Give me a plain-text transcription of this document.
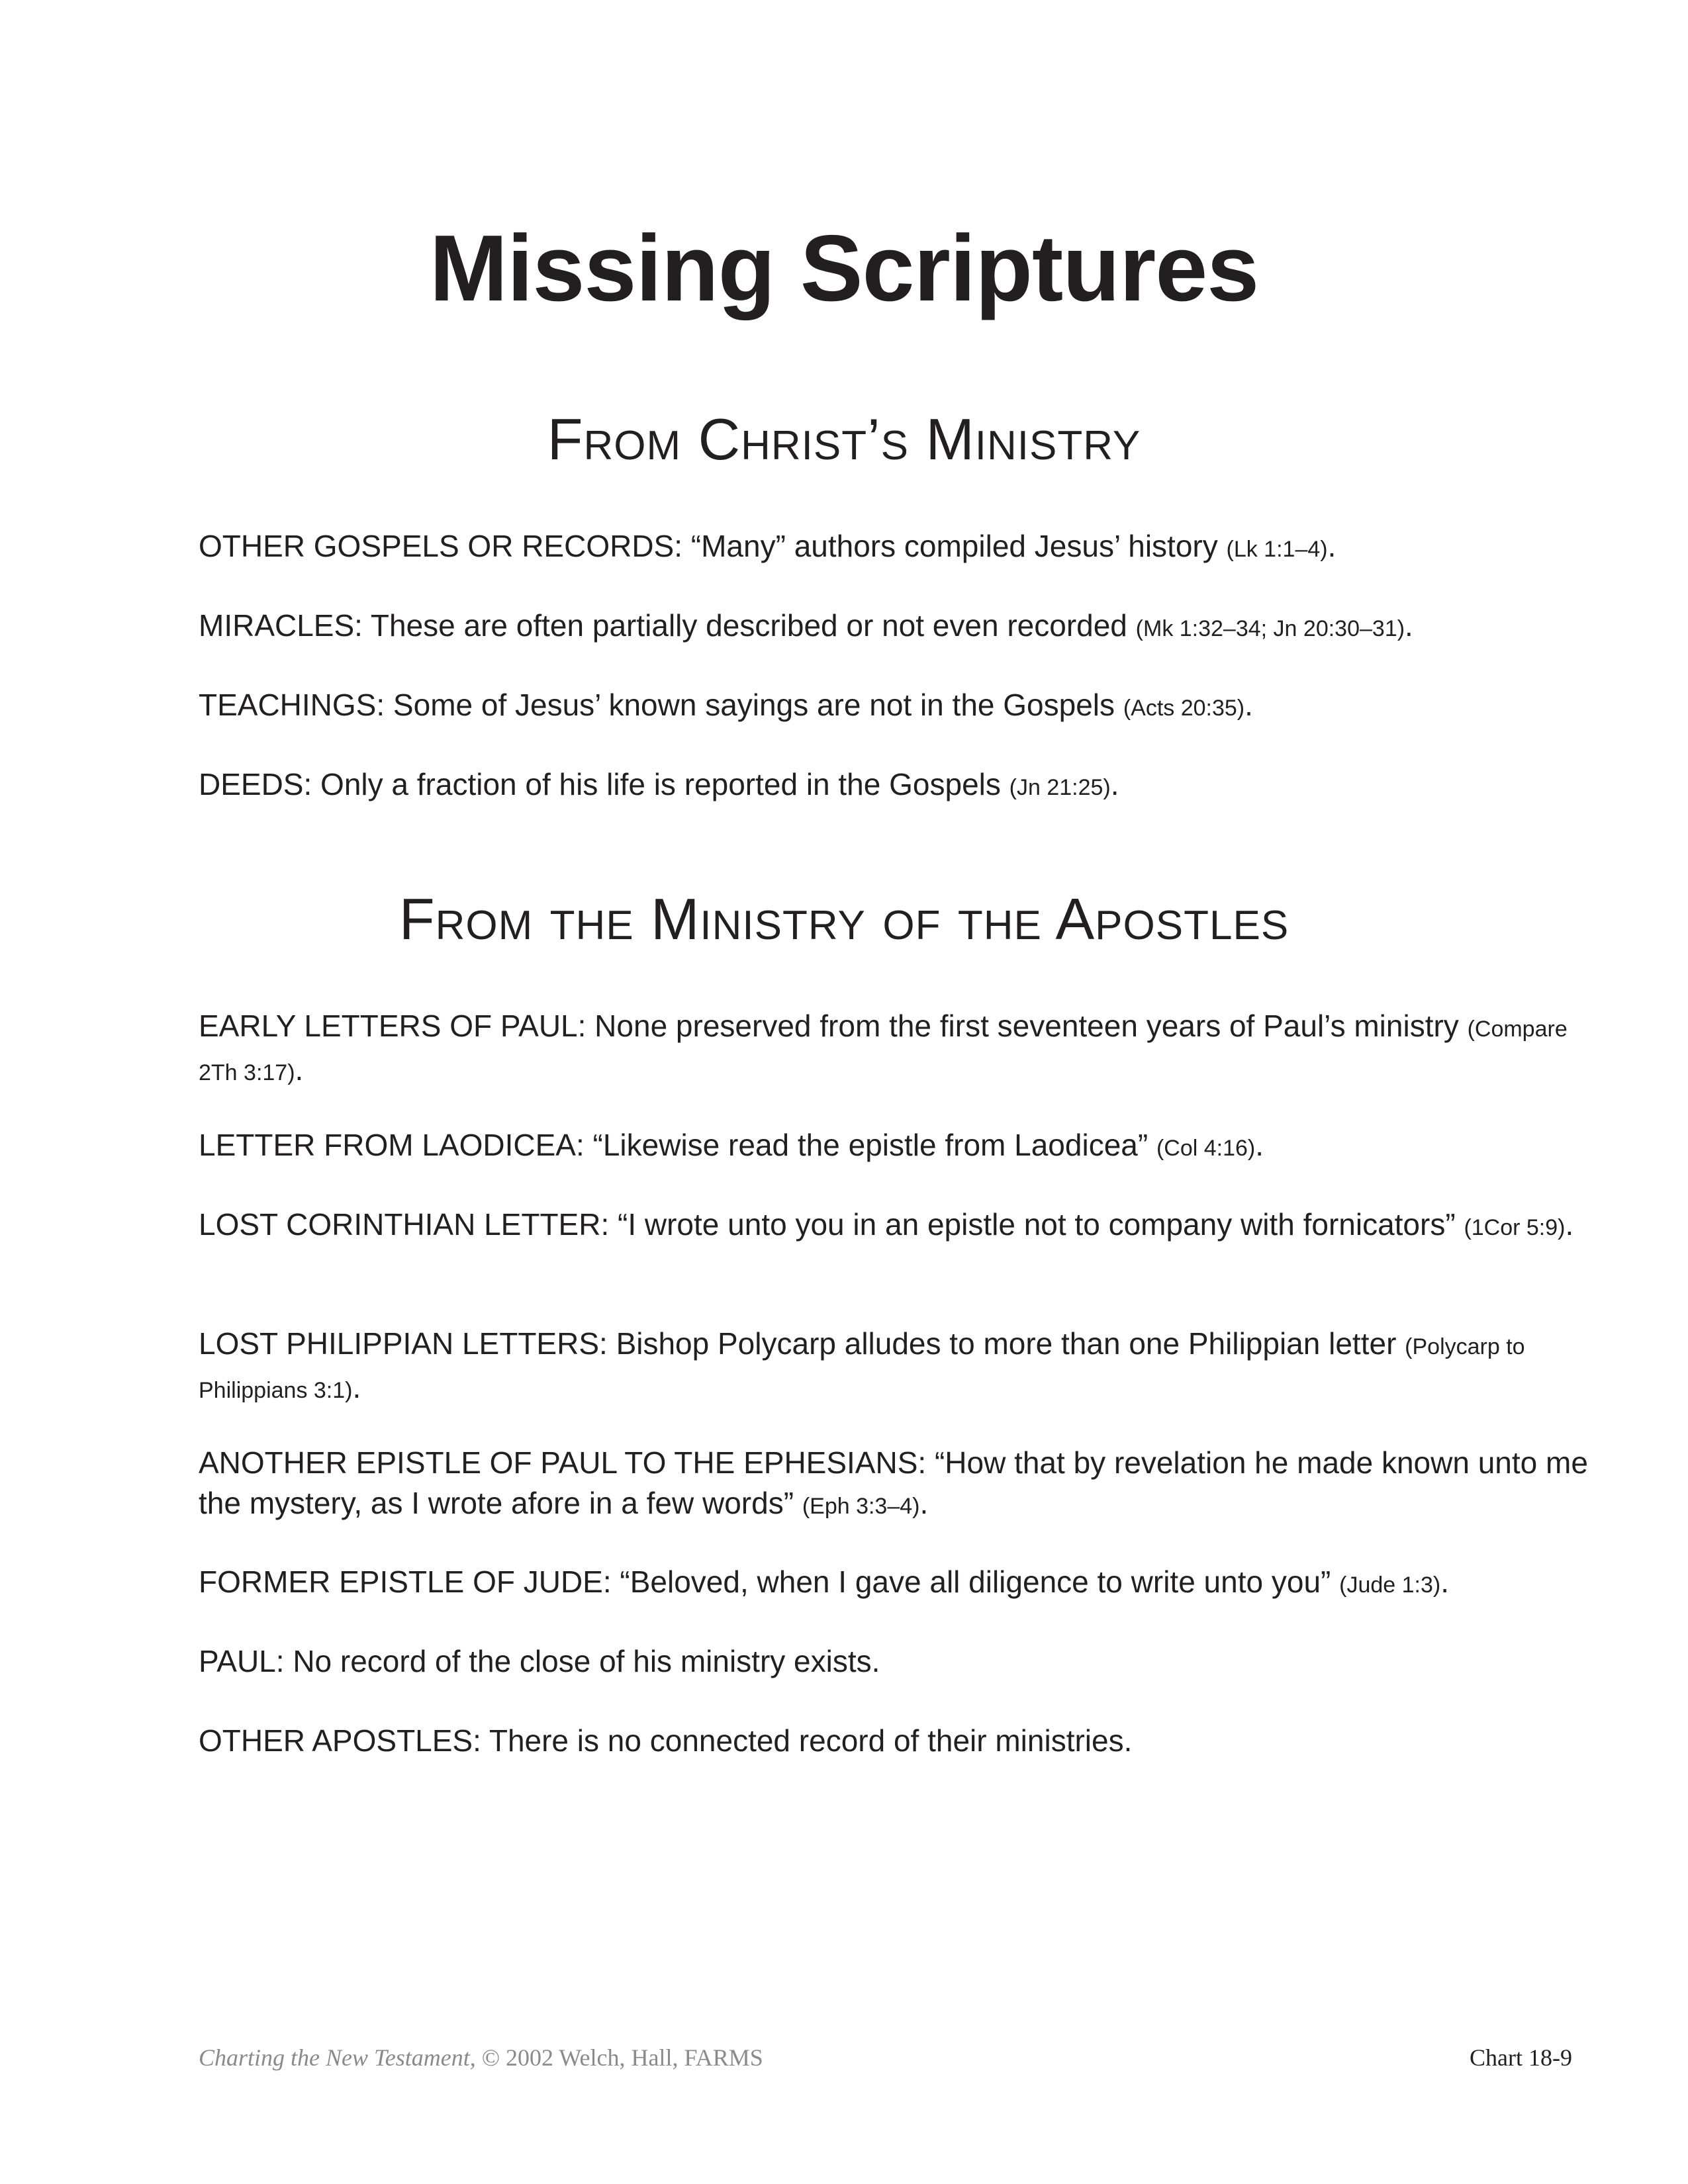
Missing Scriptures
From Christ’s Ministry
OTHER GOSPELS OR RECORDS: “Many” authors compiled Jesus’ history (Lk 1:1–4).
MIRACLES: These are often partially described or not even recorded (Mk 1:32–34; Jn 20:30–31).
TEACHINGS: Some of Jesus’ known sayings are not in the Gospels (Acts 20:35).
DEEDS: Only a fraction of his life is reported in the Gospels (Jn 21:25).
From the Ministry of the Apostles
EARLY LETTERS OF PAUL: None preserved from the first seventeen years of Paul’s ministry (Compare 2Th 3:17).
LETTER FROM LAODICEA: “Likewise read the epistle from Laodicea” (Col 4:16).
LOST CORINTHIAN LETTER: “I wrote unto you in an epistle not to company with fornicators” (1Cor 5:9).
LOST PHILIPPIAN LETTERS: Bishop Polycarp alludes to more than one Philippian letter (Polycarp to Philippians 3:1).
ANOTHER EPISTLE OF PAUL TO THE EPHESIANS: “How that by revelation he made known unto me the mystery, as I wrote afore in a few words” (Eph 3:3–4).
FORMER EPISTLE OF JUDE: “Beloved, when I gave all diligence to write unto you” (Jude 1:3).
PAUL: No record of the close of his ministry exists.
OTHER APOSTLES: There is no connected record of their ministries.
Charting the New Testament, © 2002 Welch, Hall, FARMS	Chart 18-9
